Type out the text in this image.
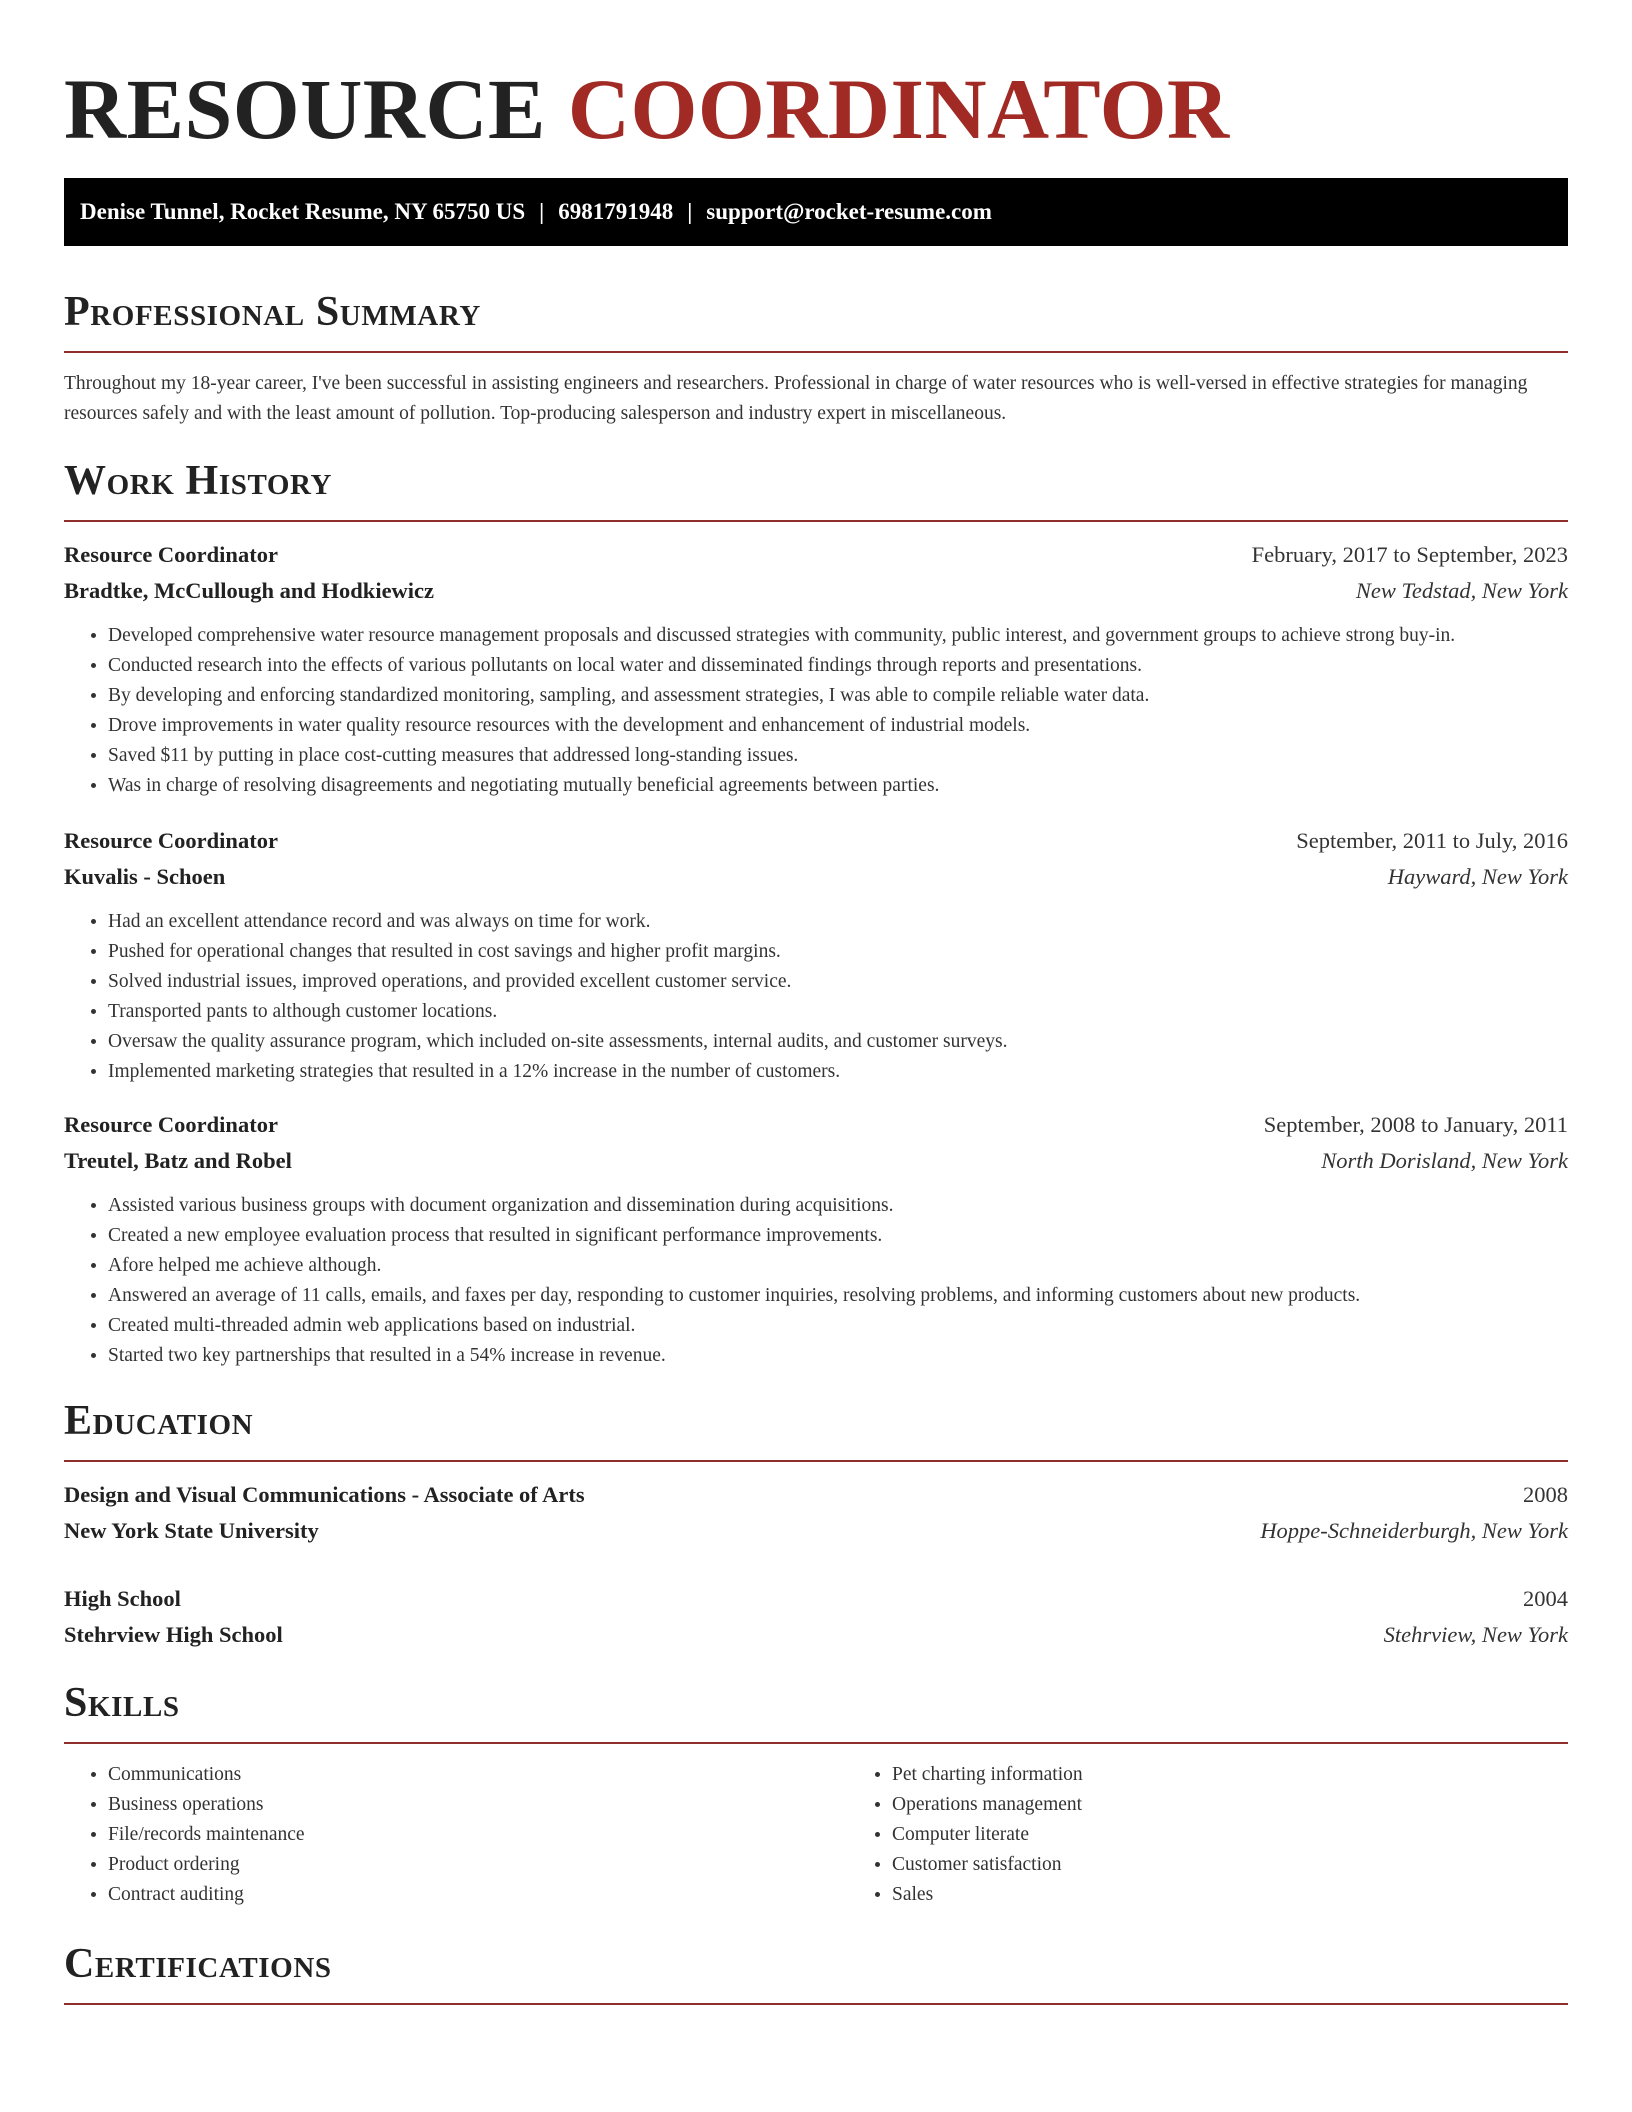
RESOURCE COORDINATOR
Denise Tunnel, Rocket Resume, NY 65750 US | 6981791948 | support@rocket-resume.com
Professional Summary

Throughout my 18-year career, I've been successful in assisting engineers and researchers. Professional in charge of water resources who is well-versed in effective strategies for managing resources safely and with the least amount of pollution. Top-producing salesperson and industry expert in miscellaneous.

Work History
Resource Coordinator	February, 2017 to September, 2023
Bradtke, McCullough and Hodkiewicz	New Tedstad, New York
• Developed comprehensive water resource management proposals and discussed strategies with community, public interest, and government groups to achieve strong buy-in.
• Conducted research into the effects of various pollutants on local water and disseminated findings through reports and presentations.
• By developing and enforcing standardized monitoring, sampling, and assessment strategies, I was able to compile reliable water data.
• Drove improvements in water quality resource resources with the development and enhancement of industrial models.
• Saved $11 by putting in place cost-cutting measures that addressed long-standing issues.
• Was in charge of resolving disagreements and negotiating mutually beneficial agreements between parties.
Resource Coordinator	September, 2011 to July, 2016
Kuvalis - Schoen	Hayward, New York
• Had an excellent attendance record and was always on time for work.
• Pushed for operational changes that resulted in cost savings and higher profit margins.
• Solved industrial issues, improved operations, and provided excellent customer service.
• Transported pants to although customer locations.
• Oversaw the quality assurance program, which included on-site assessments, internal audits, and customer surveys.
• Implemented marketing strategies that resulted in a 12% increase in the number of customers.
Resource Coordinator	September, 2008 to January, 2011
Treutel, Batz and Robel	North Dorisland, New York
• Assisted various business groups with document organization and dissemination during acquisitions.
• Created a new employee evaluation process that resulted in significant performance improvements.
• Afore helped me achieve although.
• Answered an average of 11 calls, emails, and faxes per day, responding to customer inquiries, resolving problems, and informing customers about new products.
• Created multi-threaded admin web applications based on industrial.
• Started two key partnerships that resulted in a 54% increase in revenue.
Education
Design and Visual Communications - Associate of Arts	2008
New York State University	Hoppe-Schneiderburgh, New York
High School	2004
Stehrview High School	Stehrview, New York
Skills
• Communications
• Business operations
• File/records maintenance
• Product ordering
• Contract auditing
• Pet charting information
• Operations management
• Computer literate
• Customer satisfaction
• Sales
Certifications
